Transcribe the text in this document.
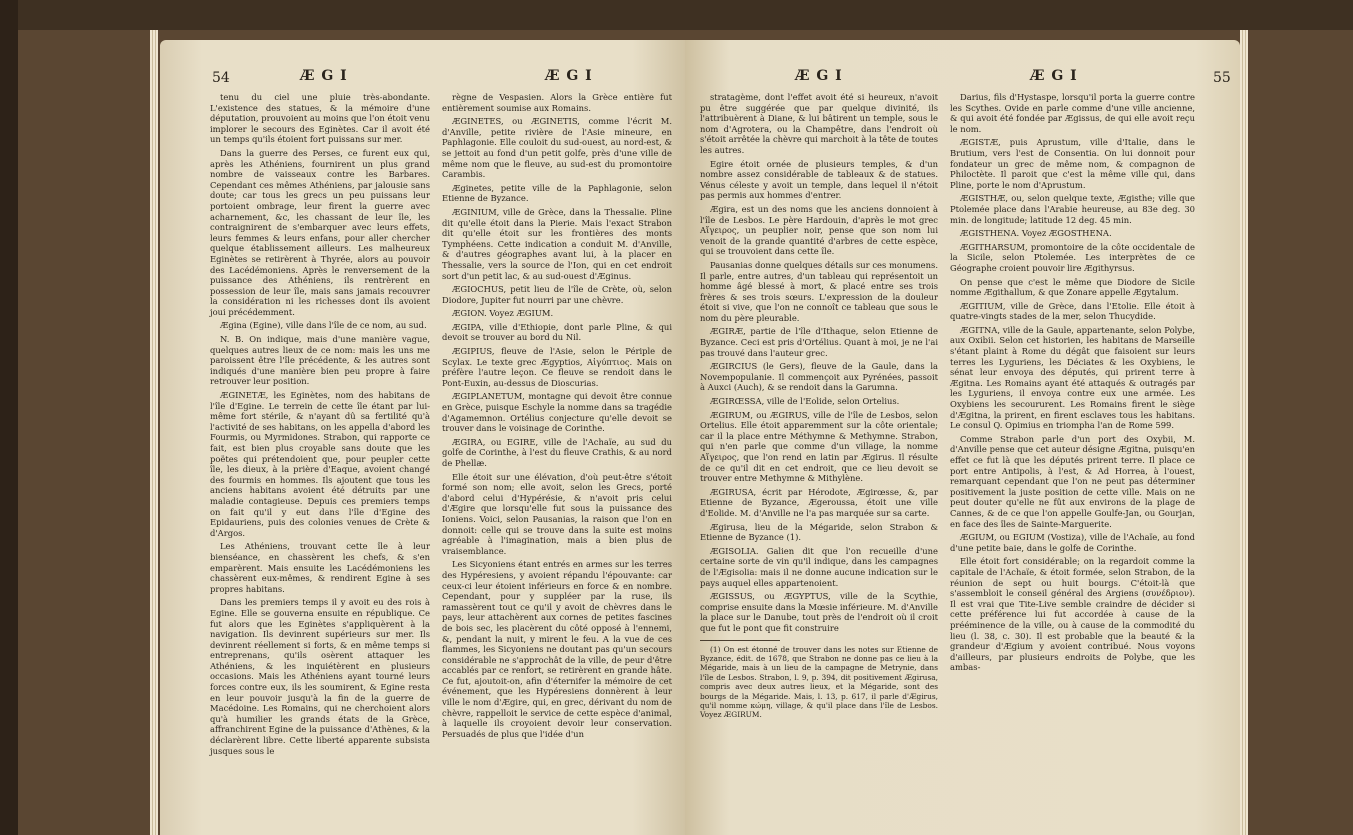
54	Æ G I	Æ G I

tenu du ciel une pluie très-abondante. L'existence des statues, & la mémoire d'une députation, prouvoient au moins que l'on étoit venu implorer le secours des Eginètes. Car il avoit été un temps qu'ils étoient fort puissans sur mer.

Dans la guerre des Perses, ce furent eux qui, après les Athéniens, fournirent un plus grand nombre de vaisseaux contre les Barbares. Cependant ces mêmes Athéniens, par jalousie sans doute; car tous les grecs un peu puissans leur portoient ombrage, leur firent la guerre avec acharnement, &c, les chassant de leur île, les contraignirent de s'embarquer avec leurs effets, leurs femmes & leurs enfans, pour aller chercher quelque établissement ailleurs. Les malheureux Eginètes se retirèrent à Thyrée, alors au pouvoir des Lacédémoniens. Après le renversement de la puissance des Athéniens, ils rentrèrent en possession de leur île, mais sans jamais recouvrer la considération ni les richesses dont ils avoient joui précédemment.

Ægina (Egine), ville dans l'île de ce nom, au sud.

N. B. On indique, mais d'une manière vague, quelques autres lieux de ce nom: mais les uns me paroissent être l'île précédente, & les autres sont indiqués d'une manière bien peu propre à faire retrouver leur position.

ÆGINETÆ, les Eginètes, nom des habitans de l'île d'Egine. Le terrein de cette île étant par lui-même fort stérile, & n'ayant dû sa fertilité qu'à l'activité de ses habitans, on les appella d'abord les Fourmis, ou Myrmidones. Strabon, qui rapporte ce fait, est bien plus croyable sans doute que les poëtes qui prétendoient que, pour peupler cette île, les dieux, à la prière d'Eaque, avoient changé des fourmis en hommes. Ils ajoutent que tous les anciens habitans avoient été détruits par une maladie contagieuse. Depuis ces premiers temps on fait qu'il y eut dans l'île d'Egine des Epidauriens, puis des colonies venues de Crète & d'Argos.

Les Athéniens, trouvant cette île à leur bienséance, en chassèrent les chefs, & s'en emparèrent. Mais ensuite les Lacédémoniens les chassèrent eux-mêmes, & rendirent Egine à ses propres habitans.

Dans les premiers temps il y avoit eu des rois à Egine. Elle se gouverna ensuite en république. Ce fut alors que les Eginètes s'appliquèrent à la navigation. Ils devinrent supérieurs sur mer. Ils devinrent réellement si forts, & en même temps si entreprenans, qu'ils osèrent attaquer les Athéniens, & les inquiétèrent en plusieurs occasions. Mais les Athéniens ayant tourné leurs forces contre eux, ils les soumirent, & Egine resta en leur pouvoir jusqu'à la fin de la guerre de Macédoine. Les Romains, qui ne cherchoient alors qu'à humilier les grands états de la Grèce, affranchirent Egine de la puissance d'Athènes, & la déclarèrent libre. Cette liberté apparente subsista jusques sous le

règne de Vespasien. Alors la Grèce entière fut entièrement soumise aux Romains.

ÆGINETES, ou ÆGINETIS, comme l'écrit M. d'Anville, petite rivière de l'Asie mineure, en Paphlagonie. Elle couloit du sud-ouest, au nord-est, & se jettoit au fond d'un petit golfe, près d'une ville de même nom que le fleuve, au sud-est du promontoire Carambis.

Æginetes, petite ville de la Paphlagonie, selon Etienne de Byzance.

ÆGINIUM, ville de Grèce, dans la Thessalie. Pline dit qu'elle étoit dans la Pierie. Mais l'exact Strabon dit qu'elle étoit sur les frontières des monts Tymphéens. Cette indication a conduit M. d'Anville, & d'autres géographes avant lui, à la placer en Thessalie, vers la source de l'Ion, qui en cet endroit sort d'un petit lac, & au sud-ouest d'Æginus.

ÆGIOCHUS, petit lieu de l'île de Crète, où, selon Diodore, Jupiter fut nourri par une chèvre.

ÆGION. Voyez ÆGIUM.

ÆGIPA, ville d'Ethiopie, dont parle Pline, & qui devoit se trouver au bord du Nil.

ÆGIPIUS, fleuve de l'Asie, selon le Périple de Scylax. Le texte grec Ægyptios, Αἰγύπτιος. Mais on préfère l'autre leçon. Ce fleuve se rendoit dans le Pont-Euxin, au-dessus de Dioscurias.

ÆGIPLANETUM, montagne qui devoit être connue en Grèce, puisque Eschyle la nomme dans sa tragédie d'Agamemnon. Ortélius conjecture qu'elle devoit se trouver dans le voisinage de Corinthe.

ÆGIRA, ou EGIRE, ville de l'Achaïe, au sud du golfe de Corinthe, à l'est du fleuve Crathis, & au nord de Phellæ.

Elle étoit sur une élévation, d'où peut-être s'étoit formé son nom; elle avoit, selon les Grecs, porté d'abord celui d'Hypérésie, & n'avoit pris celui d'Ægire que lorsqu'elle fut sous la puissance des Ioniens. Voici, selon Pausanias, la raison que l'on en donnoit: celle qui se trouve dans la suite est moins agréable à l'imagination, mais a bien plus de vraisemblance.

Les Sicyoniens étant entrés en armes sur les terres des Hypéresiens, y avoient répandu l'épouvante: car ceux-ci leur étoient inférieurs en force & en nombre. Cependant, pour y suppléer par la ruse, ils ramassèrent tout ce qu'il y avoit de chèvres dans le pays, leur attachèrent aux cornes de petites fascines de bois sec, les placèrent du côté opposé à l'ennemi, &, pendant la nuit, y mirent le feu. A la vue de ces flammes, les Sicyoniens ne doutant pas qu'un secours considérable ne s'approchât de la ville, de peur d'être accablés par ce renfort, se retirèrent en grande hâte. Ce fut, ajoutoit-on, afin d'éternifer la mémoire de cet événement, que les Hypéresiens donnèrent à leur ville le nom d'Ægire, qui, en grec, dérivant du nom de chèvre, rappelloit le service de cette espèce d'animal, à laquelle ils croyoient devoir leur conservation. Persuadés de plus que l'idée d'un

Æ G I	Æ G I	55

stratagème, dont l'effet avoit été si heureux, n'avoit pu être suggérée que par quelque divinité, ils l'attribuèrent à Diane, & lui bâtirent un temple, sous le nom d'Agrotera, ou la Champêtre, dans l'endroit où s'étoit arrêtée la chèvre qui marchoit à la tête de toutes les autres.

Egire étoit ornée de plusieurs temples, & d'un nombre assez considérable de tableaux & de statues. Vénus céleste y avoit un temple, dans lequel il n'étoit pas permis aux hommes d'entrer.

Ægira, est un des noms que les anciens donnoient à l'île de Lesbos. Le père Hardouin, d'après le mot grec Αἴγειρος, un peuplier noir, pense que son nom lui venoit de la grande quantité d'arbres de cette espèce, qui se trouvoient dans cette île.

Pausanias donne quelques détails sur ces monumens. Il parle, entre autres, d'un tableau qui représentoit un homme âgé blessé à mort, & placé entre ses trois frères & ses trois sœurs. L'expression de la douleur étoit si vive, que l'on ne connoît ce tableau que sous le nom du père pleurable.

ÆGIRÆ, partie de l'île d'Ithaque, selon Etienne de Byzance. Ceci est pris d'Ortélius. Quant à moi, je ne l'ai pas trouvé dans l'auteur grec.

ÆGIRCIUS (le Gers), fleuve de la Gaule, dans la Novempopulanie. Il commençoit aux Pyrénées, passoit à Auxci (Auch), & se rendoit dans la Garumna.

ÆGIRŒSSA, ville de l'Eolide, selon Ortelius.

ÆGIRUM, ou ÆGIRUS, ville de l'île de Lesbos, selon Ortelius. Elle étoit apparemment sur la côte orientale; car il la place entre Méthymne & Methymne. Strabon, qui n'en parle que comme d'un village, la nomme Αἴγειρος, que l'on rend en latin par Ægirus. Il résulte de ce qu'il dit en cet endroit, que ce lieu devoit se trouver entre Methymne & Mithylène.

ÆGIRUSA, écrit par Hérodote, Ægirœsse, &, par Etienne de Byzance, Ægeroussa, étoit une ville d'Eolide. M. d'Anville ne l'a pas marquée sur sa carte.

Ægirusa, lieu de la Mégaride, selon Strabon & Etienne de Byzance (1).

ÆGISOLIA. Galien dit que l'on recueille d'une certaine sorte de vin qu'il indique, dans les campagnes de l'Ægisolia: mais il ne donne aucune indication sur le pays auquel elles appartenoient.

ÆGISSUS, ou ÆGYPTUS, ville de la Scythie, comprise ensuite dans la Mœsie inférieure. M. d'Anville la place sur le Danube, tout près de l'endroit où il croit que fut le pont que fit construire

(1) On est étonné de trouver dans les notes sur Etienne de Byzance, édit. de 1678, que Strabon ne donne pas ce lieu à la Mégaride, mais à un lieu de la campagne de Metrynie, dans l'île de Lesbos. Strabon, l. 9, p. 394, dit positivement Ægirusa, compris avec deux autres lieux, et la Mégaride, sont des bourgs de la Mégaride. Mais, l. 13, p. 617, il parle d'Ægirus, qu'il nomme κώμη, village, & qu'il place dans l'île de Lesbos. Voyez ÆGIRUM.

Darius, fils d'Hystaspe, lorsqu'il porta la guerre contre les Scythes. Ovide en parle comme d'une ville ancienne, & qui avoit été fondée par Ægissus, de qui elle avoit reçu le nom.

ÆGISTÆ, puis Aprustum, ville d'Italie, dans le Brutium, vers l'est de Consentia. On lui donnoit pour fondateur un grec de même nom, & compagnon de Philoctète. Il paroit que c'est la même ville qui, dans Pline, porte le nom d'Aprustum.

ÆGISTHÆ, ou, selon quelque texte, Ægisthe; ville que Ptolemée place dans l'Arabie heureuse, au 83e deg. 30 min. de longitude; latitude 12 deg. 45 min.

ÆGISTHENA. Voyez ÆGOSTHENA.

ÆGITHARSUM, promontoire de la côte occidentale de la Sicile, selon Ptolemée. Les interprètes de ce Géographe croient pouvoir lire Ægithyrsus.

On pense que c'est le même que Diodore de Sicile nomme Ægithallum, & que Zonare appelle Ægytalum.

ÆGITIUM, ville de Grèce, dans l'Etolie. Elle étoit à quatre-vingts stades de la mer, selon Thucydide.

ÆGITNA, ville de la Gaule, appartenante, selon Polybe, aux Oxibii. Selon cet historien, les habitans de Marseille s'étant plaint à Rome du dégât que faisoient sur leurs terres les Lyguriens, les Déciates & les Oxybiens, le sénat leur envoya des députés, qui prirent terre à Ægitna. Les Romains ayant été attaqués & outragés par les Lyguriens, il envoya contre eux une armée. Les Oxybiens les secoururent. Les Romains firent le siège d'Ægitna, la prirent, en firent esclaves tous les habitans. Le consul Q. Opimius en triompha l'an de Rome 599.

Comme Strabon parle d'un port des Oxybii, M. d'Anville pense que cet auteur désigne Ægitna, puisqu'en effet ce fut là que les députés prirent terre. Il place ce port entre Antipolis, à l'est, & Ad Horrea, à l'ouest, remarquant cependant que l'on ne peut pas déterminer positivement la juste position de cette ville. Mais on ne peut douter qu'elle ne fût aux environs de la plage de Cannes, & de ce que l'on appelle Goulfe-Jan, ou Gourjan, en face des îles de Sainte-Marguerite.

ÆGIUM, ou EGIUM (Vostiza), ville de l'Achaïe, au fond d'une petite baie, dans le golfe de Corinthe.

Elle étoit fort considérable; on la regardoit comme la capitale de l'Achaïe, & étoit formée, selon Strabon, de la réunion de sept ou huit bourgs. C'étoit-là que s'assembloit le conseil général des Argiens (συνέδριον). Il est vrai que Tite-Live semble craindre de décider si cette préférence lui fut accordée à cause de la prééminence de la ville, ou à cause de la commodité du lieu (l. 38, c. 30). Il est probable que la beauté & la grandeur d'Ægium y avoient contribué. Nous voyons d'ailleurs, par plusieurs endroits de Polybe, que les ambas-
